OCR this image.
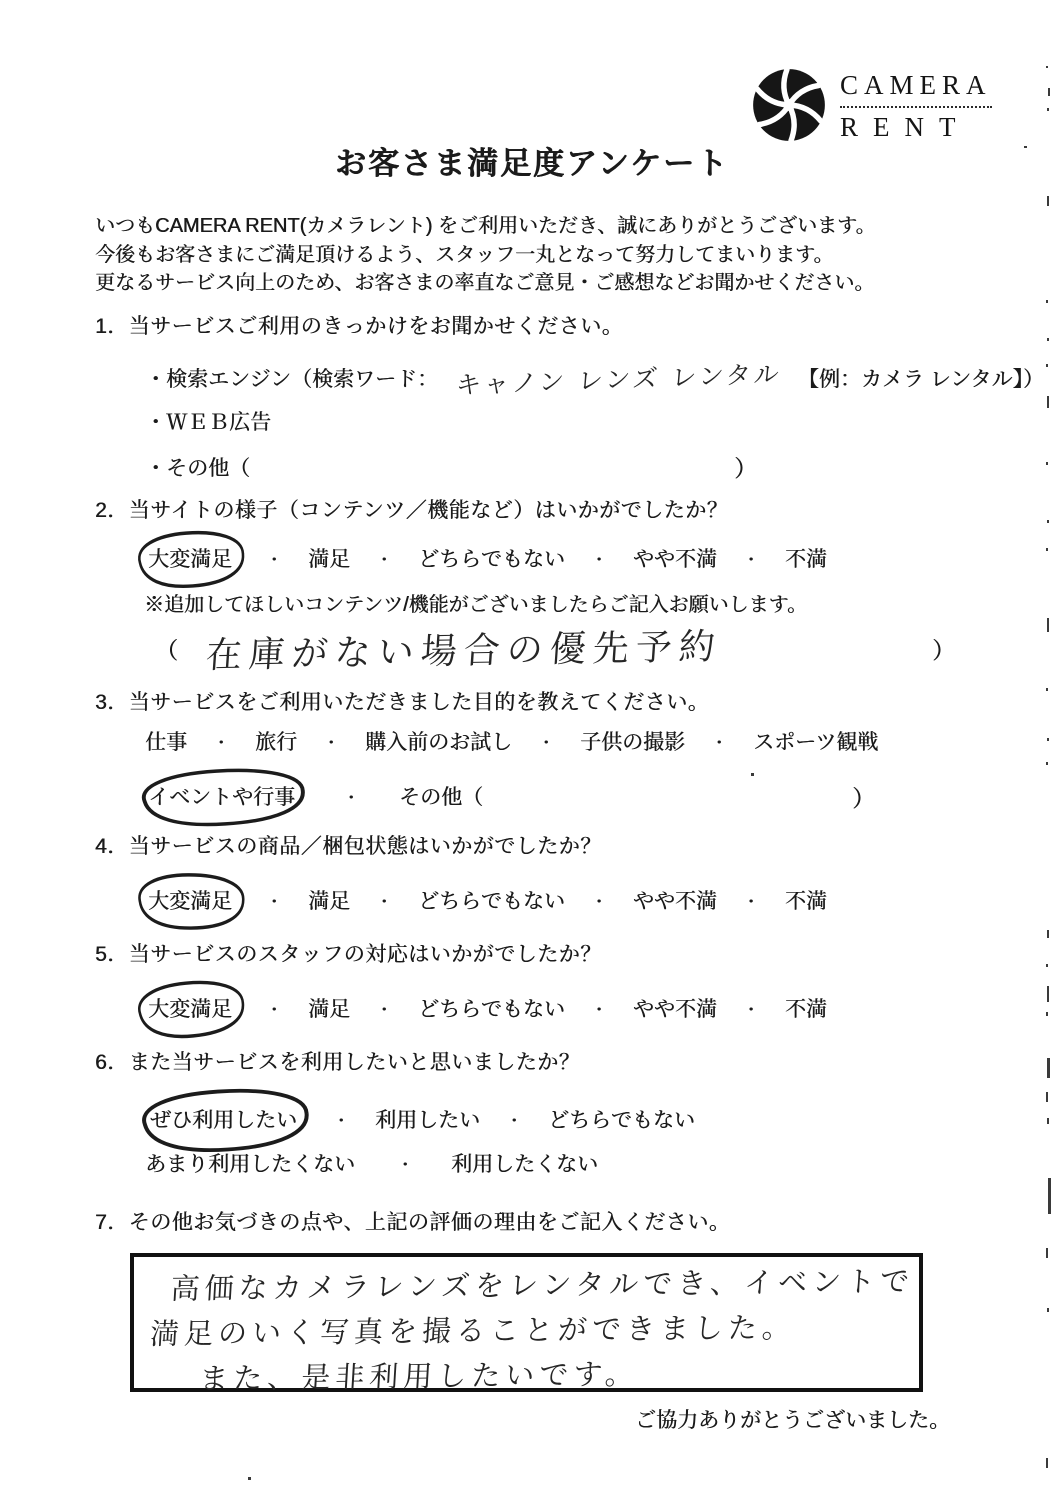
CAMERA
RENT
お客さま満足度アンケート
いつもCAMERA RENT(カメラレント) をご利用いただき、誠にありがとうございます。
今後もお客さまにご満足頂けるよう、スタッフ一丸となって努力してまいります。
更なるサービス向上のため、お客さまの率直なご意見・ご感想などお聞かせください。
1．当サービスご利用のきっかけをお聞かせください。
・ 検索エンジン（検索ワード： キャノン レンズ レンタル 【例：カメラ レンタル】）
・ ＷＥＢ広告
・ その他（	）
2．当サイトの様子（コンテンツ／機能など）はいかがでしたか？
大変満足	・ 満足 ・ どちらでもない ・ やや不満 ・ 不満
※追加してほしいコンテンツ/機能がございましたらご記入お願いします。
（ 在庫がない場合の優先予約	）
3．当サービスをご利用いただきました目的を教えてください。
仕事 ・ 旅行 ・ 購入前のお試し ・ 子供の撮影 ・ スポーツ観戦
イベントや行事	・ その他（	）
4．当サービスの商品／梱包状態はいかがでしたか？
大変満足	・ 満足 ・ どちらでもない ・ やや不満 ・ 不満
5．当サービスのスタッフの対応はいかがでしたか？
大変満足	・ 満足 ・ どちらでもない ・ やや不満 ・ 不満
6．また当サービスを利用したいと思いましたか？
ぜひ利用したい	・ 利用したい ・ どちらでもない
あまり利用したくない	・ 利用したくない
7．その他お気づきの点や、上記の評価の理由をご記入ください。
高価なカメラレンズをレンタルでき、イベントで
満足のいく写真を撮ることができました。
また、是非利用したいです。
ご協力ありがとうございました。
